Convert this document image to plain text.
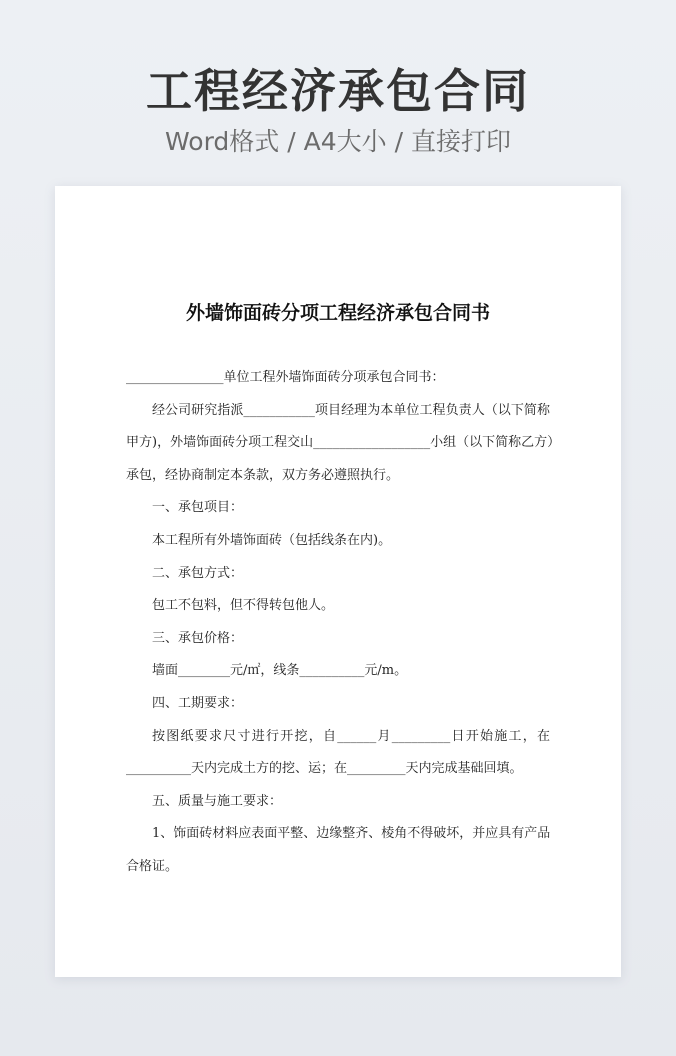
工程经济承包合同
Word格式 / A4大小 / 直接打印
外墙饰面砖分项工程经济承包合同书

_______________单位工程外墙饰面砖分项承包合同书：

经公司研究指派___________项目经理为本单位工程负责人（以下简称

甲方)，外墙饰面砖分项工程交山__________________小组（以下简称乙方）

承包，经协商制定本条款，双方务必遵照执行。

一、承包项目：

本工程所有外墙饰面砖（包括线条在内)。

二、承包方式：

包工不包料，但不得转包他人。

三、承包价格：

墙面________元/㎡，线条__________元/m。

四、工期要求：

按图纸要求尺寸进行开挖，自______月_________日开始施工，在

__________天内完成土方的挖、运；在_________天内完成基础回填。

五、质量与施工要求：

1、饰面砖材料应表面平整、边缘整齐、棱角不得破坏，并应具有产品

合格证。
